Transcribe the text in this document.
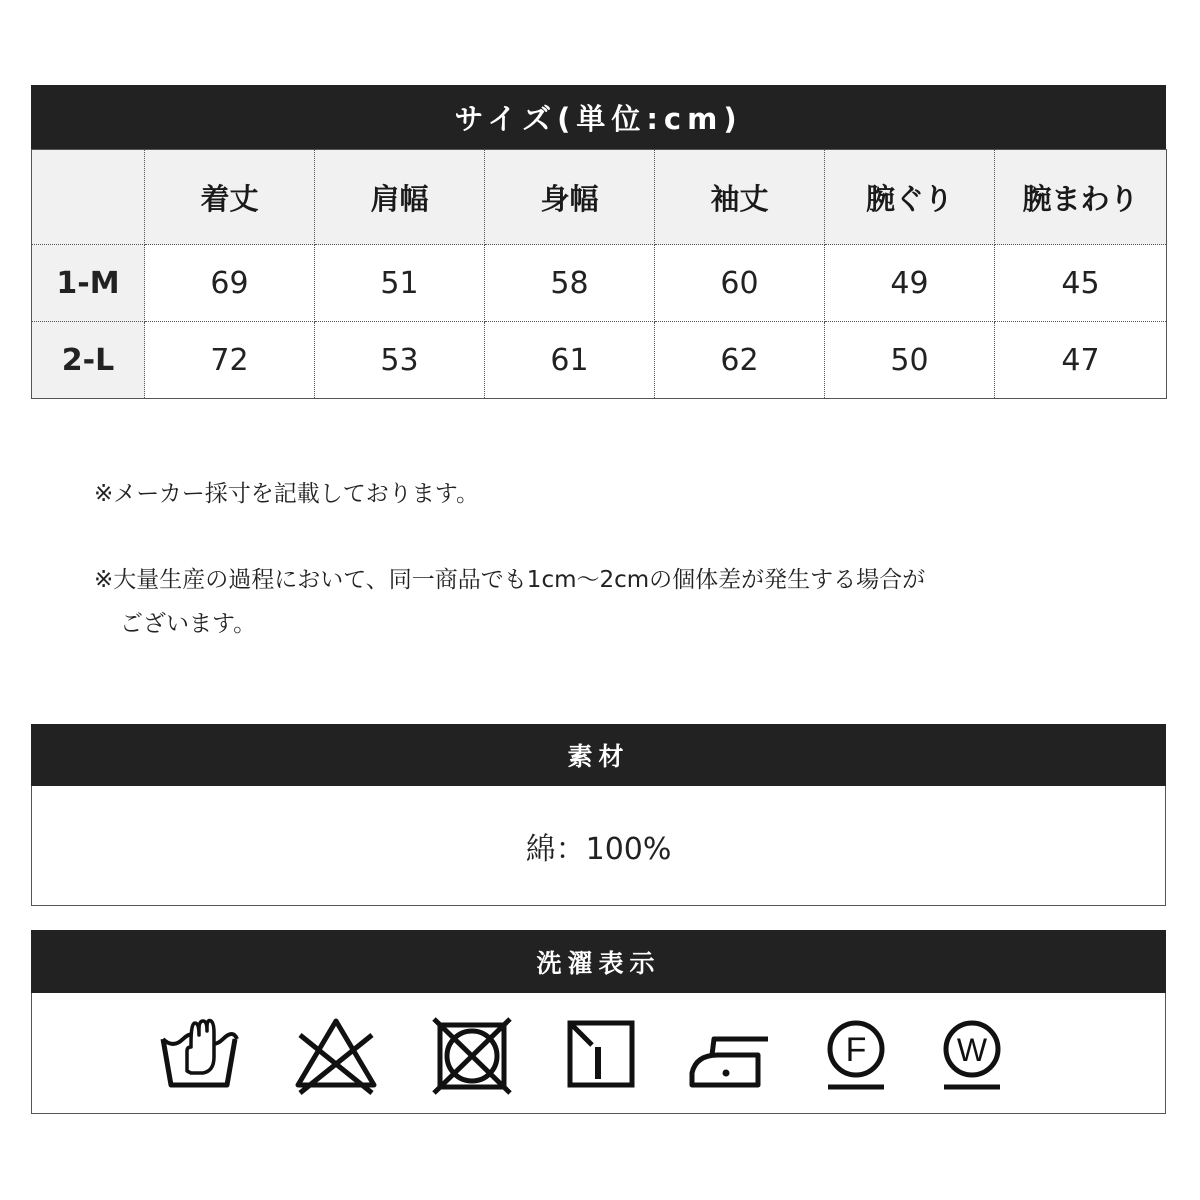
サイズ(単位:cm)
	着丈	肩幅	身幅	袖丈	腕ぐり	腕まわり
1-M	69	51	58	60	49	45
2-L	72	53	61	62	50	47
※メーカー採寸を記載しております。
※大量生産の過程において、同一商品でも1cm〜2cmの個体差が発生する場合が
ございます。
素材
綿：100%
洗濯表示
F	W
